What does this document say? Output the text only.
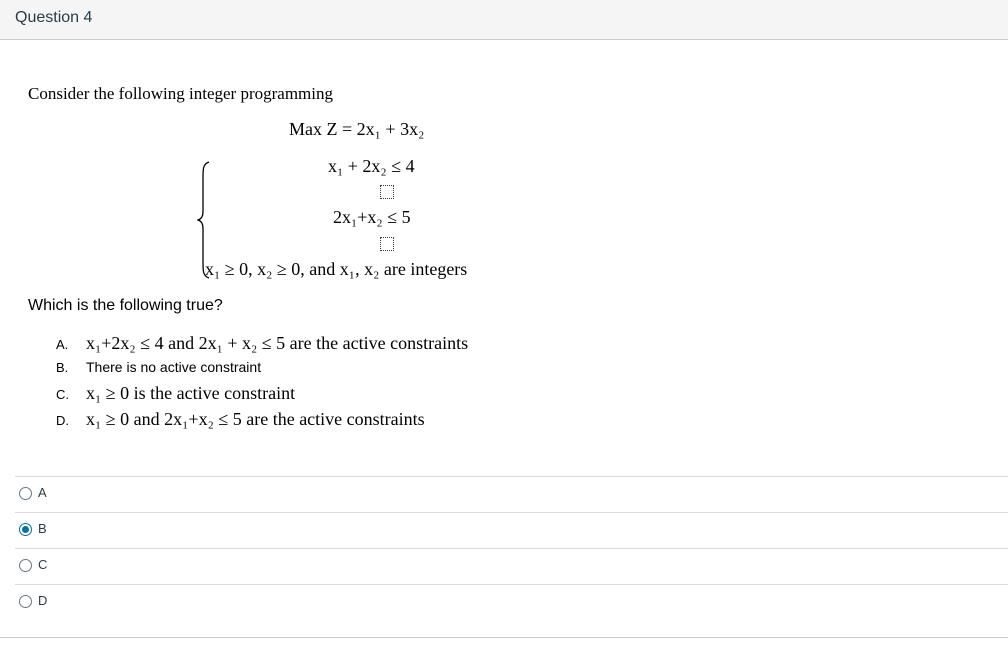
Question 4
Consider the following integer programming
Max Z = 2x₁ + 3x₂
x₁ + 2x₂ ≤ 4
2x₁+x₂ ≤ 5
x₁ ≥ 0, x₂ ≥ 0, and x₁, x₂ are integers
Which is the following true?
A. x₁+2x₂ ≤ 4 and 2x₁ + x₂ ≤ 5 are the active constraints
B. There is no active constraint
C. x₁ ≥ 0 is the active constraint
D. x₁ ≥ 0 and 2x₁+x₂ ≤ 5 are the active constraints
A
B
C
D
